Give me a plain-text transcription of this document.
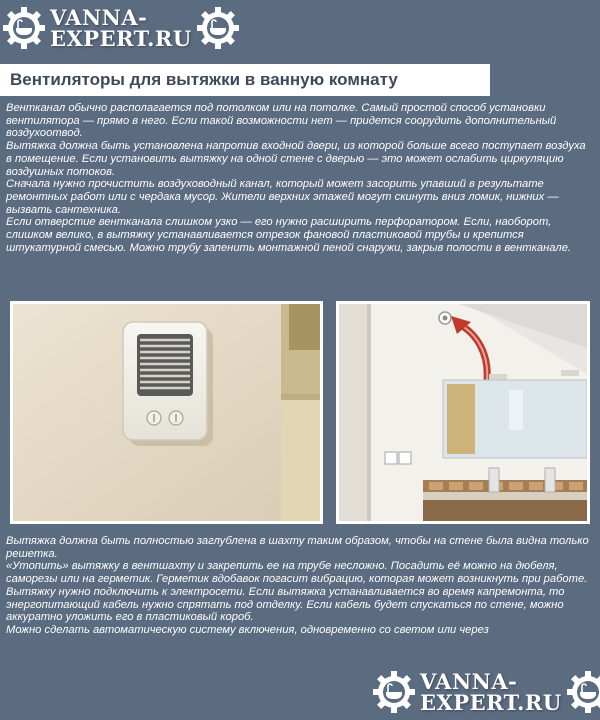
VANNA-
EXPERT.RU
Вентиляторы для вытяжки в ванную комнату

Вентканал обычно располагается под потолком или на потолке. Самый простой способ установки вентилятора — прямо в него. Если такой возможности нет — придется соорудить дополнительный воздухоотвод.

Вытяжка должна быть установлена напротив входной двери, из которой больше всего поступает воздуха в помещение. Если установить вытяжку на одной стене с дверью — это может ослабить циркуляцию воздушных потоков.

Сначала нужно прочистить воздуховодный канал, который может засорить упавший в результате ремонтных работ или с чердака мусор. Жители верхних этажей могут скинуть вниз ломик, нижних — вызвать сантехника.

Если отверстие вентканала слишком узко — его нужно расширить перфоратором. Если, наоборот, слишком велико, в вытяжку устанавливается отрезок фановой пластиковой трубы и крепится штукатурной смесью. Можно трубу запенить монтажной пеной снаружи, закрыв полости в вентканале.

Вытяжка должна быть полностью заглублена в шахту таким образом, чтобы на стене была видна только решетка.

«Утопить» вытяжку в вентшахту и закрепить ее на трубе несложно. Посадить её можно на дюбеля, саморезы или на герметик. Герметик вдобавок погасит вибрацию, которая может возникнуть при работе.

Вытяжку нужно подключить к электросети. Если вытяжка устанавливается во время капремонта, то энергопитающий кабель нужно спрятать под отделку. Если кабель будет спускаться по стене, можно аккуратно уложить его в пластиковый короб.

Можно сделать автоматическую систему включения, одновременно со светом или через

VANNA-
EXPERT.RU
